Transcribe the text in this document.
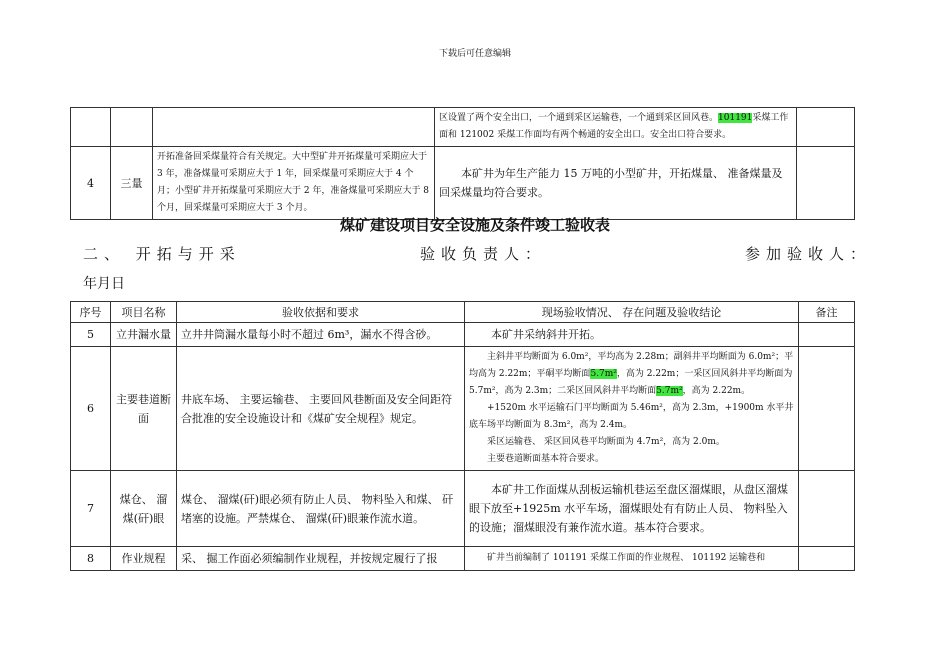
下载后可任意编辑
			区设置了两个安全出口，一个通到采区运输巷，一个通到采区回风巷。101191采煤工作面和 121002 采煤工作面均有两个畅通的安全出口。安全出口符合要求。	
4	三量	开拓准备回采煤量符合有关规定。大中型矿井开拓煤量可采期应大于 3 年，准备煤量可采期应大于 1 年，回采煤量可采期应大于 4 个月；小型矿井开拓煤量可采期应大于 2 年，准备煤量可采期应大于 8 个月，回采煤量可采期应大于 3 个月。	本矿井为年生产能力 15 万吨的小型矿井，开拓煤量、 准备煤量及回采煤量均符合要求。	
煤矿建设项目安全设施及条件竣工验收表
二、 开拓与开采	验收负责人：	参加验收人：
年月日
序号	项目名称	验收依据和要求	现场验收情况、 存在问题及验收结论	备注
5	立井漏水量	立井井筒漏水量每小时不超过 6m³，漏水不得含砂。	本矿井采纳斜井开拓。	
6	主要巷道断面	井底车场、 主要运输巷、 主要回风巷断面及安全间距符合批准的安全设施设计和《煤矿安全规程》规定。	主斜井平均断面为 6.0m²，平均高为 2.28m；副斜井平均断面为 6.0m²；平均高为 2.22m；平硐平均断面5.7m²，高为 2.22m；一采区回风斜井平均断面为 5.7m²，高为 2.3m；二采区回风斜井平均断面5.7m²，高为 2.22m。
+1520m 水平运输石门平均断面为 5.46m²，高为 2.3m，+1900m 水平井底车场平均断面为 8.3m²，高为 2.4m。
采区运输巷、 采区回风巷平均断面为 4.7m²，高为 2.0m。
主要巷道断面基本符合要求。	

7	煤仓、 溜煤(矸)眼	煤仓、 溜煤(矸)眼必须有防止人员、 物料坠入和煤、 矸堵塞的设施。严禁煤仓、 溜煤(矸)眼兼作流水道。	本矿井工作面煤从刮板运输机巷运至盘区溜煤眼，从盘区溜煤眼下放至+1925m 水平车场，溜煤眼处有有防止人员、 物料坠入的设施；溜煤眼没有兼作流水道。基本符合要求。	
8	作业规程	采、 掘工作面必须编制作业规程，并按规定履行了报	矿井当前编制了 101191 采煤工作面的作业规程、 101192 运输巷和	
